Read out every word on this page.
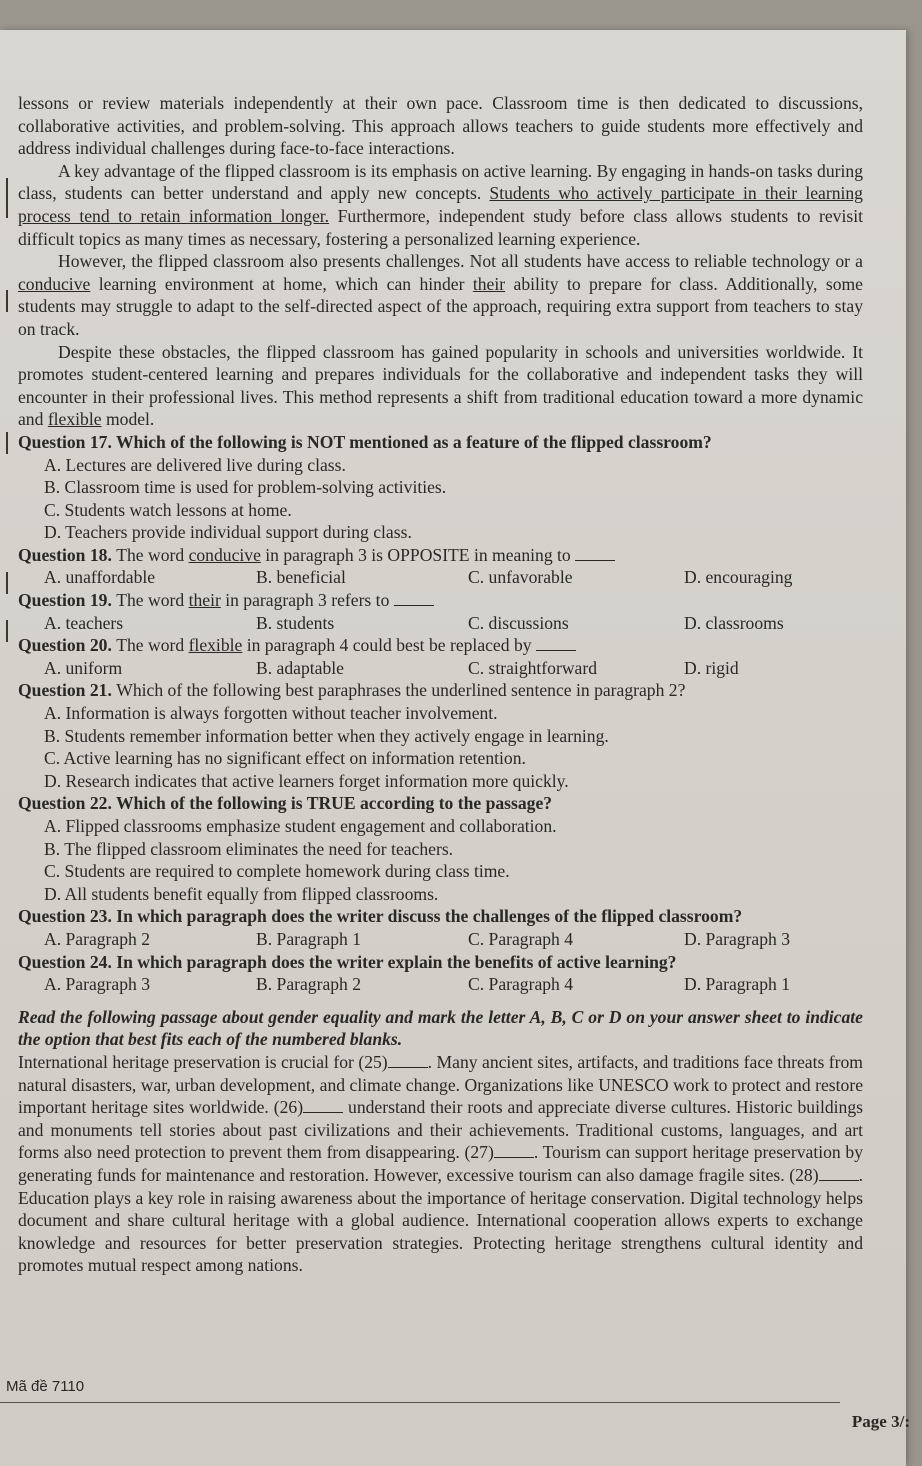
lessons or review materials independently at their own pace. Classroom time is then dedicated to discussions, collaborative activities, and problem-solving. This approach allows teachers to guide students more effectively and address individual challenges during face-to-face interactions.

A key advantage of the flipped classroom is its emphasis on active learning. By engaging in hands-on tasks during class, students can better understand and apply new concepts. Students who actively participate in their learning process tend to retain information longer. Furthermore, independent study before class allows students to revisit difficult topics as many times as necessary, fostering a personalized learning experience.

However, the flipped classroom also presents challenges. Not all students have access to reliable technology or a conducive learning environment at home, which can hinder their ability to prepare for class. Additionally, some students may struggle to adapt to the self-directed aspect of the approach, requiring extra support from teachers to stay on track.

Despite these obstacles, the flipped classroom has gained popularity in schools and universities worldwide. It promotes student-centered learning and prepares individuals for the collaborative and independent tasks they will encounter in their professional lives. This method represents a shift from traditional education toward a more dynamic and flexible model.

Question 17. Which of the following is NOT mentioned as a feature of the flipped classroom?

A. Lectures are delivered live during class.

B. Classroom time is used for problem-solving activities.

C. Students watch lessons at home.

D. Teachers provide individual support during class.

Question 18. The word conducive in paragraph 3 is OPPOSITE in meaning to

A. unaffordable	B. beneficial	C. unfavorable	D. encouraging

Question 19. The word their in paragraph 3 refers to

A. teachers	B. students	C. discussions	D. classrooms

Question 20. The word flexible in paragraph 4 could best be replaced by

A. uniform	B. adaptable	C. straightforward	D. rigid

Question 21. Which of the following best paraphrases the underlined sentence in paragraph 2?

A. Information is always forgotten without teacher involvement.

B. Students remember information better when they actively engage in learning.

C. Active learning has no significant effect on information retention.

D. Research indicates that active learners forget information more quickly.

Question 22. Which of the following is TRUE according to the passage?

A. Flipped classrooms emphasize student engagement and collaboration.

B. The flipped classroom eliminates the need for teachers.

C. Students are required to complete homework during class time.

D. All students benefit equally from flipped classrooms.

Question 23. In which paragraph does the writer discuss the challenges of the flipped classroom?

A. Paragraph 2	B. Paragraph 1	C. Paragraph 4	D. Paragraph 3

Question 24. In which paragraph does the writer explain the benefits of active learning?

A. Paragraph 3	B. Paragraph 2	C. Paragraph 4	D. Paragraph 1

Read the following passage about gender equality and mark the letter A, B, C or D on your answer sheet to indicate the option that best fits each of the numbered blanks.

International heritage preservation is crucial for (25) . Many ancient sites, artifacts, and traditions face threats from natural disasters, war, urban development, and climate change. Organizations like UNESCO work to protect and restore important heritage sites worldwide. (26) understand their roots and appreciate diverse cultures. Historic buildings and monuments tell stories about past civilizations and their achievements. Traditional customs, languages, and art forms also need protection to prevent them from disappearing. (27) . Tourism can support heritage preservation by generating funds for maintenance and restoration. However, excessive tourism can also damage fragile sites. (28) . Education plays a key role in raising awareness about the importance of heritage conservation. Digital technology helps document and share cultural heritage with a global audience. International cooperation allows experts to exchange knowledge and resources for better preservation strategies. Protecting heritage strengthens cultural identity and promotes mutual respect among nations.

Mã đề 7110
Page 3/:
